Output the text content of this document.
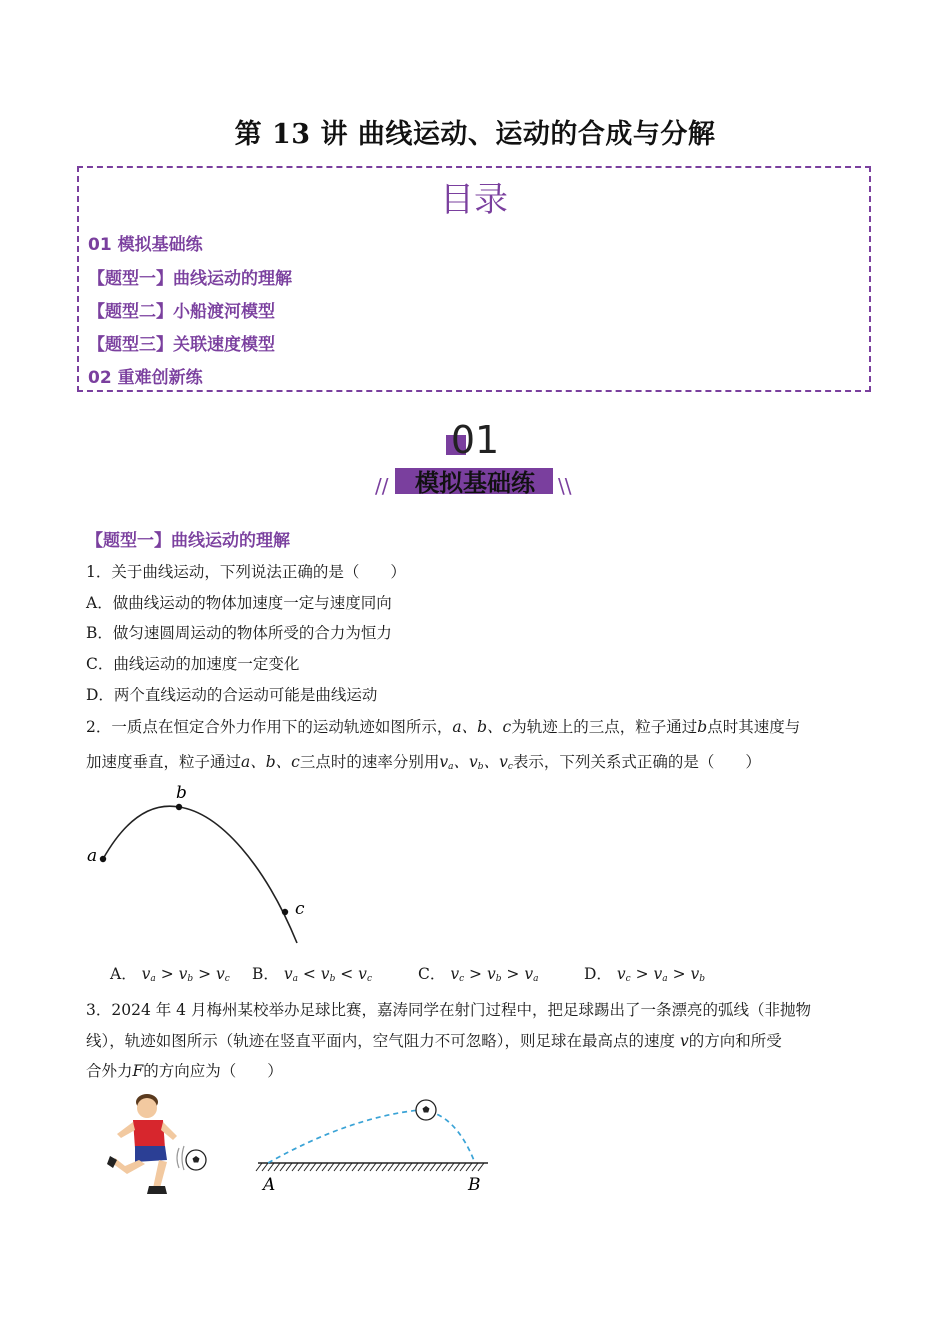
第 13 讲 曲线运动、运动的合成与分解
目录
01 模拟基础练
【题型一】曲线运动的理解
【题型二】小船渡河模型
【题型三】关联速度模型
02 重难创新练
01
模拟基础练
//	\\
【题型一】曲线运动的理解
1．关于曲线运动，下列说法正确的是（　　）
A．做曲线运动的物体加速度一定与速度同向
B．做匀速圆周运动的物体所受的合力为恒力
C．曲线运动的加速度一定变化
D．两个直线运动的合运动可能是曲线运动
2．一质点在恒定合外力作用下的运动轨迹如图所示，a、b、c为轨迹上的三点，粒子通过b点时其速度与
加速度垂直，粒子通过a、b、c三点时的速率分别用$v_a$、$v_b$、$v_c$表示，下列关系式正确的是（　　）
a
b
c
A． $v_a > v_b > v_c$ B． $v_a < v_b < v_c$	C． $v_c > v_b > v_a$	D． $v_c > v_a > v_b$
3．2024 年 4 月梅州某校举办足球比赛，嘉涛同学在射门过程中，把足球踢出了一条漂亮的弧线（非抛物
线），轨迹如图所示（轨迹在竖直平面内，空气阻力不可忽略），则足球在最高点的速度 v的方向和所受
合外力F的方向应为（　　）
A	B
